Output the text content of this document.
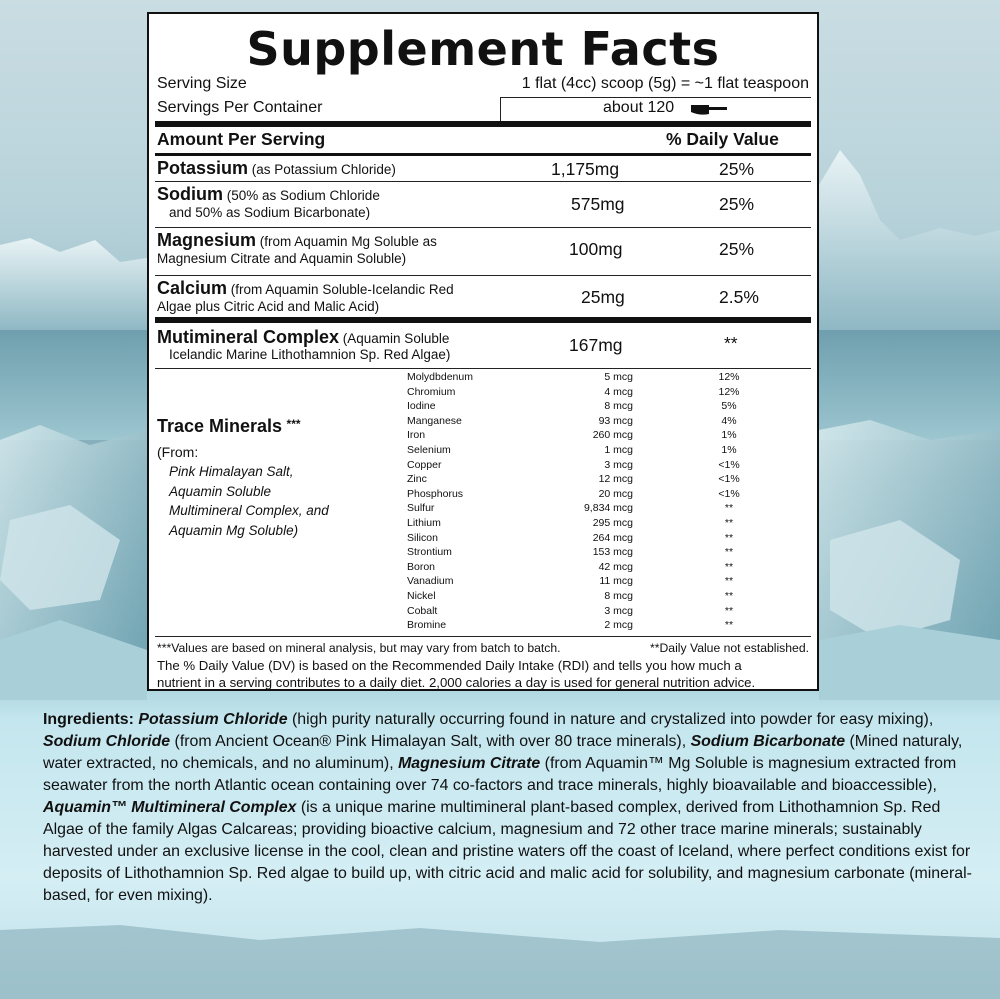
Supplement Facts
Serving Size	1 flat (4cc) scoop (5g) = ~1 flat teaspoon
Servings Per Container	about 120
Amount Per Serving	% Daily Value
Potassium (as Potassium Chloride)	1,175mg	25%
Sodium (50% as Sodium Chloride
and 50% as Sodium Bicarbonate)	575mg	25%
Magnesium (from Aquamin Mg Soluble as
Magnesium Citrate and Aquamin Soluble)	100mg	25%
Calcium (from Aquamin Soluble-Icelandic Red
Algae plus Citric Acid and Malic Acid)	25mg	2.5%
Mutimineral Complex (Aquamin Soluble
Icelandic Marine Lithothamnion Sp. Red Algae)	167mg	**
Trace Minerals ***
(From:
Pink Himalayan Salt,
Aquamin Soluble
Multimineral Complex, and
Aquamin Mg Soluble)
Molydbdenum	5 mcg	12%
Chromium	4 mcg	12%
Iodine	8 mcg	5%
Manganese	93 mcg	4%
Iron	260 mcg	1%
Selenium	1 mcg	1%
Copper	3 mcg	<1%
Zinc	12 mcg	<1%
Phosphorus	20 mcg	<1%
Sulfur	9,834 mcg	**
Lithium	295 mcg	**
Silicon	264 mcg	**
Strontium	153 mcg	**
Boron	42 mcg	**
Vanadium	11 mcg	**
Nickel	8 mcg	**
Cobalt	3 mcg	**
Bromine	2 mcg	**
***Values are based on mineral analysis, but may vary from batch to batch.	**Daily Value not established.
The % Daily Value (DV) is based on the Recommended Daily Intake (RDI) and tells you how much a
nutrient in a serving contributes to a daily diet. 2,000 calories a day is used for general nutrition advice.
Ingredients: Potassium Chloride (high purity naturally occurring found in nature and crystalized into powder for easy mixing), Sodium Chloride (from Ancient Ocean® Pink Himalayan Salt, with over 80 trace minerals), Sodium Bicarbonate (Mined naturaly, water extracted, no chemicals, and no aluminum), Magnesium Citrate (from Aquamin™ Mg Soluble is magnesium extracted from seawater from the north Atlantic ocean containing over 74 co-factors and trace minerals, highly bioavailable and bioaccessible), Aquamin™ Multimineral Complex (is a unique marine multimineral plant-based complex, derived from Lithothamnion Sp. Red Algae of the family Algas Calcareas; providing bioactive calcium, magnesium and 72 other trace marine minerals; sustainably harvested under an exclusive license in the cool, clean and pristine waters off the coast of Iceland, where perfect conditions exist for deposits of Lithothamnion Sp. Red algae to build up, with citric acid and malic acid for solubility, and magnesium carbonate (mineral-based, for even mixing).
